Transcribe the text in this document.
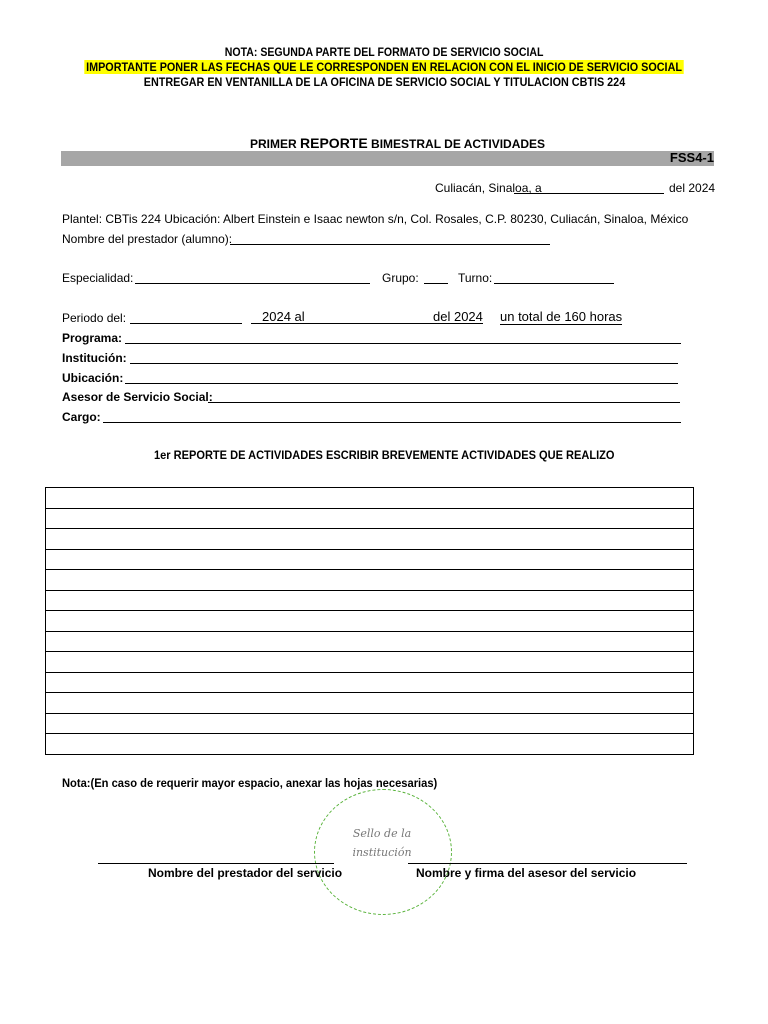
NOTA: SEGUNDA PARTE DEL FORMATO DE SERVICIO SOCIAL
IMPORTANTE PONER LAS FECHAS QUE LE CORRESPONDEN EN RELACION CON EL INICIO DE SERVICIO SOCIAL
ENTREGAR EN VENTANILLA DE LA OFICINA DE SERVICIO SOCIAL Y TITULACION CBTIS 224
PRIMER REPORTE BIMESTRAL DE ACTIVIDADES
FSS4-1
Culiacán, Sinaloa, a	del 2024
Plantel: CBTis 224 Ubicación: Albert Einstein e Isaac newton s/n, Col. Rosales, C.P. 80230, Culiacán, Sinaloa, México
Nombre del prestador (alumno):
Especialidad:	Grupo:	Turno:
Periodo del:	2024 al	del 2024 un total de 160 horas
Programa:
Institución:
Ubicación:
Asesor de Servicio Social:
Cargo:
1er REPORTE DE ACTIVIDADES ESCRIBIR BREVEMENTE ACTIVIDADES QUE REALIZO

Nota:(En caso de requerir mayor espacio, anexar las hojas necesarias)
Sello de la
institución
Nombre del prestador del servicio	Nombre y firma del asesor del servicio
